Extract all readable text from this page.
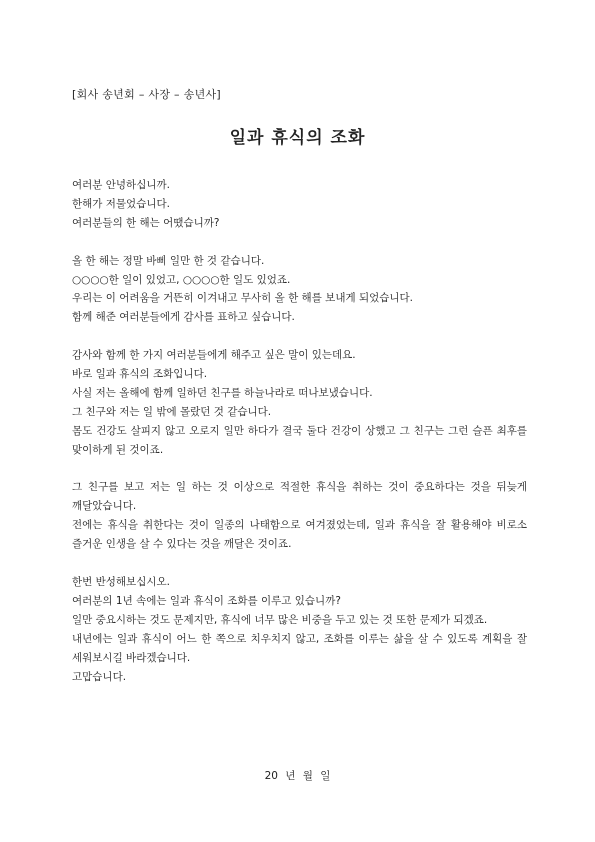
[회사 송년회 – 사장 – 송년사]
일과 휴식의 조화
여러분 안녕하십니까.
한해가 저물었습니다.
여러분들의 한 해는 어땠습니까?
올 한 해는 정말 바삐 일만 한 것 같습니다.
○○○○한 일이 있었고, ○○○○한 일도 있었죠.
우리는 이 어려움을 거뜬히 이겨내고 무사히 올 한 해를 보내게 되었습니다.
함께 해준 여러분들에게 감사를 표하고 싶습니다.
감사와 함께 한 가지 여러분들에게 해주고 싶은 말이 있는데요.
바로 일과 휴식의 조화입니다.
사실 저는 올해에 함께 일하던 친구를 하늘나라로 떠나보냈습니다.
그 친구와 저는 일 밖에 몰랐던 것 같습니다.
몸도 건강도 살피지 않고 오로지 일만 하다가 결국 둘다 건강이 상했고 그 친구는 그런 슬픈 최후를 맞이하게 된 것이죠.
그 친구를 보고 저는 일 하는 것 이상으로 적절한 휴식을 취하는 것이 중요하다는 것을 뒤늦게 깨달았습니다.
전에는 휴식을 취한다는 것이 일종의 나태함으로 여겨졌었는데, 일과 휴식을 잘 활용해야 비로소 즐거운 인생을 살 수 있다는 것을 깨달은 것이죠.
한번 반성해보십시오.
여러분의 1년 속에는 일과 휴식이 조화를 이루고 있습니까?
일만 중요시하는 것도 문제지만, 휴식에 너무 많은 비중을 두고 있는 것 또한 문제가 되겠죠.
내년에는 일과 휴식이 어느 한 쪽으로 치우치지 않고, 조화를 이루는 삶을 살 수 있도록 계획을 잘 세워보시길 바라겠습니다.
고맙습니다.
20 년 월 일
